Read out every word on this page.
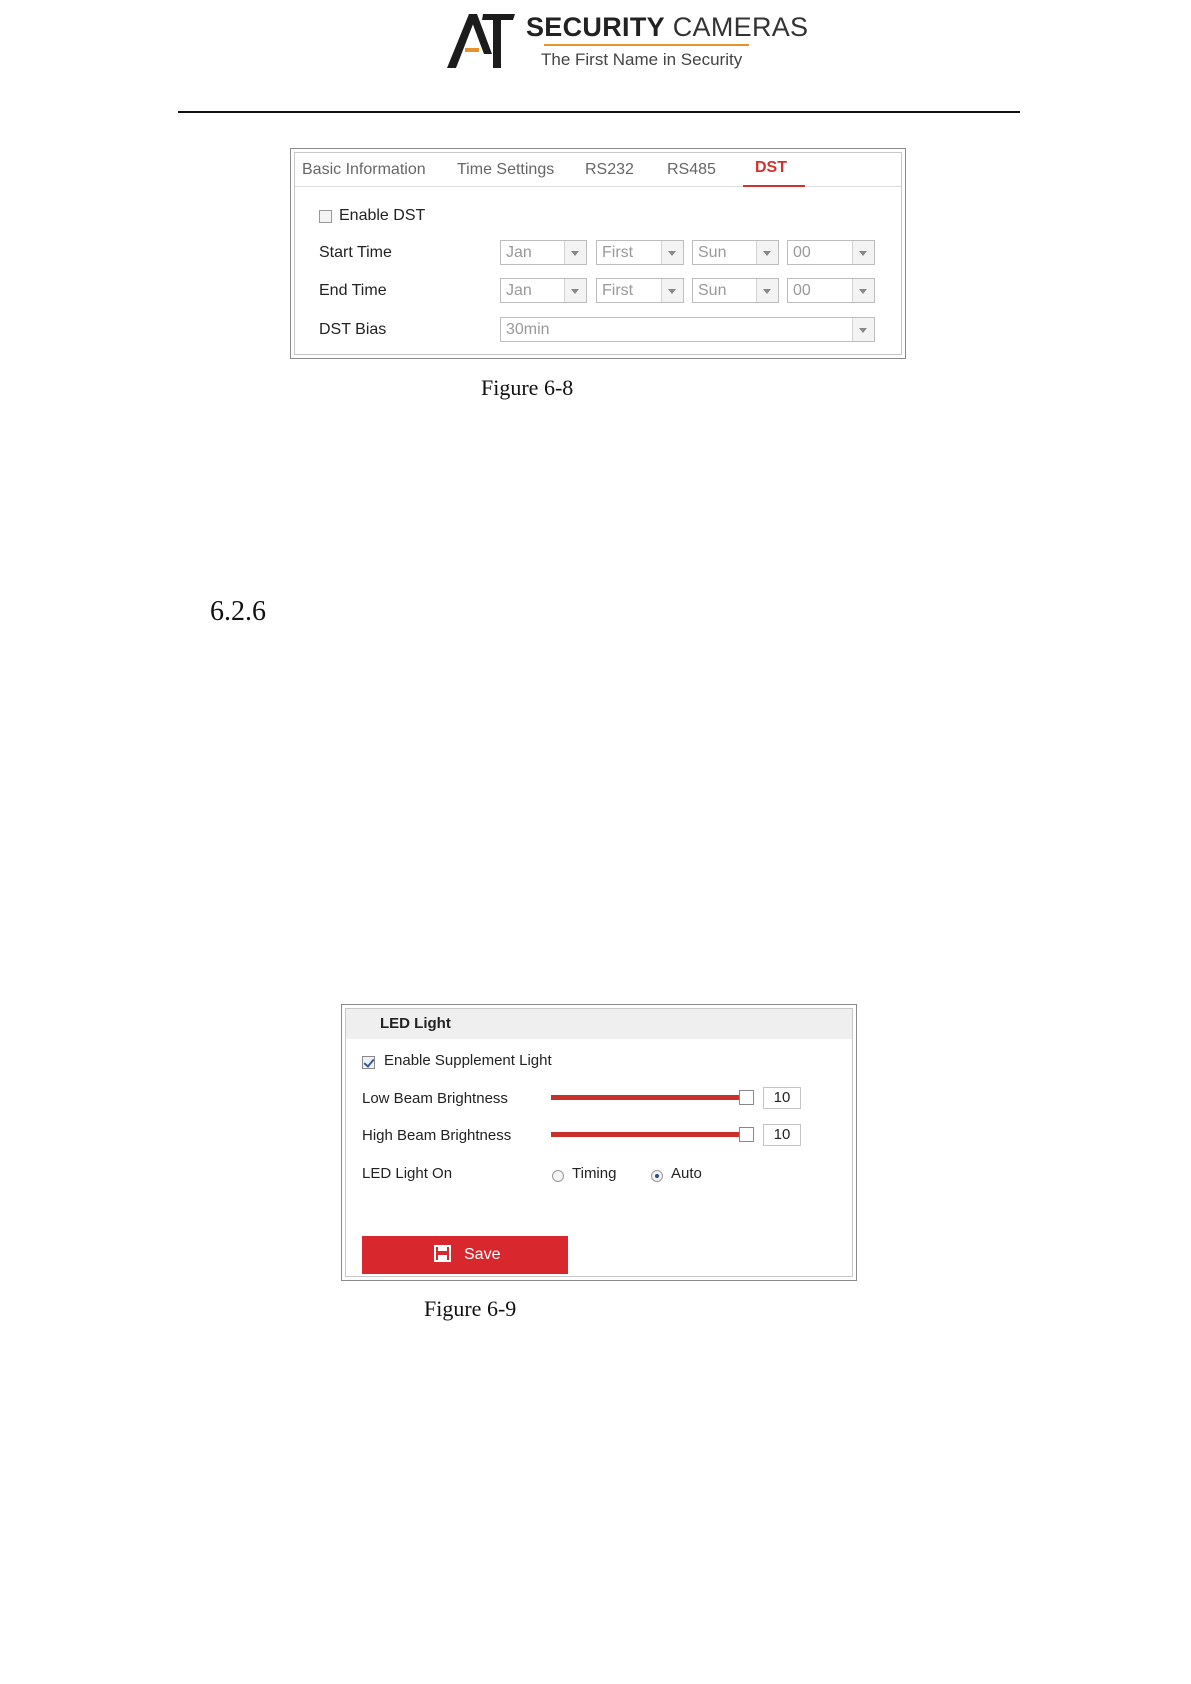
SECURITY CAMERAS
The First Name in Security
Basic Information Time Settings RS232 RS485 DST
Enable DST
Start Time	Jan	First	Sun	00
End Time	Jan	First	Sun	00
DST Bias	30min
Figure 6-8
6.2.6
LED Light
Enable Supplement Light
Low Beam Brightness	10
High Beam Brightness	10
LED Light On	Timing	Auto
Save
Figure 6-9
